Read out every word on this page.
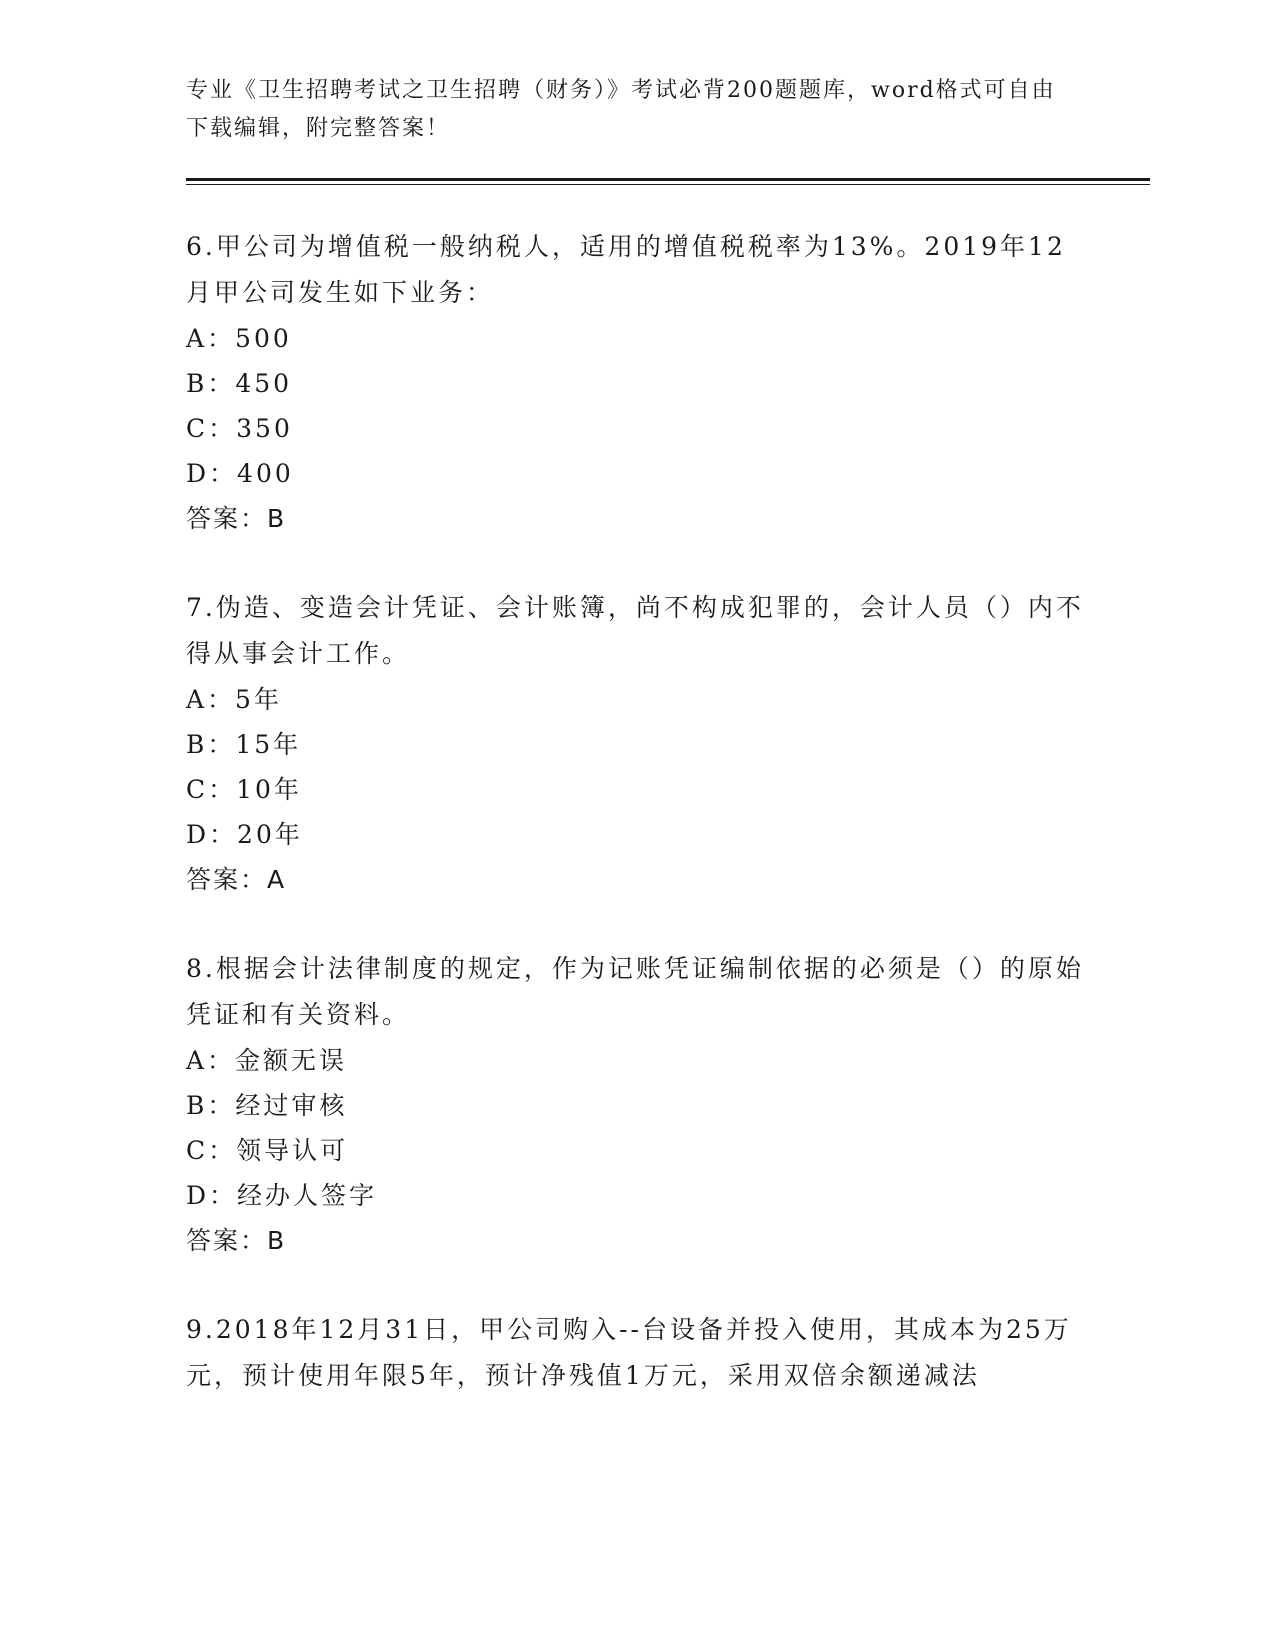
专业《卫生招聘考试之卫生招聘（财务）》考试必背200题题库，word格式可自由下载编辑，附完整答案！
6.甲公司为增值税一般纳税人，适用的增值税税率为13%。2019年12月甲公司发生如下业务：
A：500
B：450
C：350
D：400
答案：B
7.伪造、变造会计凭证、会计账簿，尚不构成犯罪的，会计人员（）内不得从事会计工作。
A：5年
B：15年
C：10年
D：20年
答案：A
8.根据会计法律制度的规定，作为记账凭证编制依据的必须是（）的原始凭证和有关资料。
A：金额无误
B：经过审核
C：领导认可
D：经办人签字
答案：B
9.2018年12月31日，甲公司购入--台设备并投入使用，其成本为25万元，预计使用年限5年，预计净残值1万元，采用双倍余额递减法
